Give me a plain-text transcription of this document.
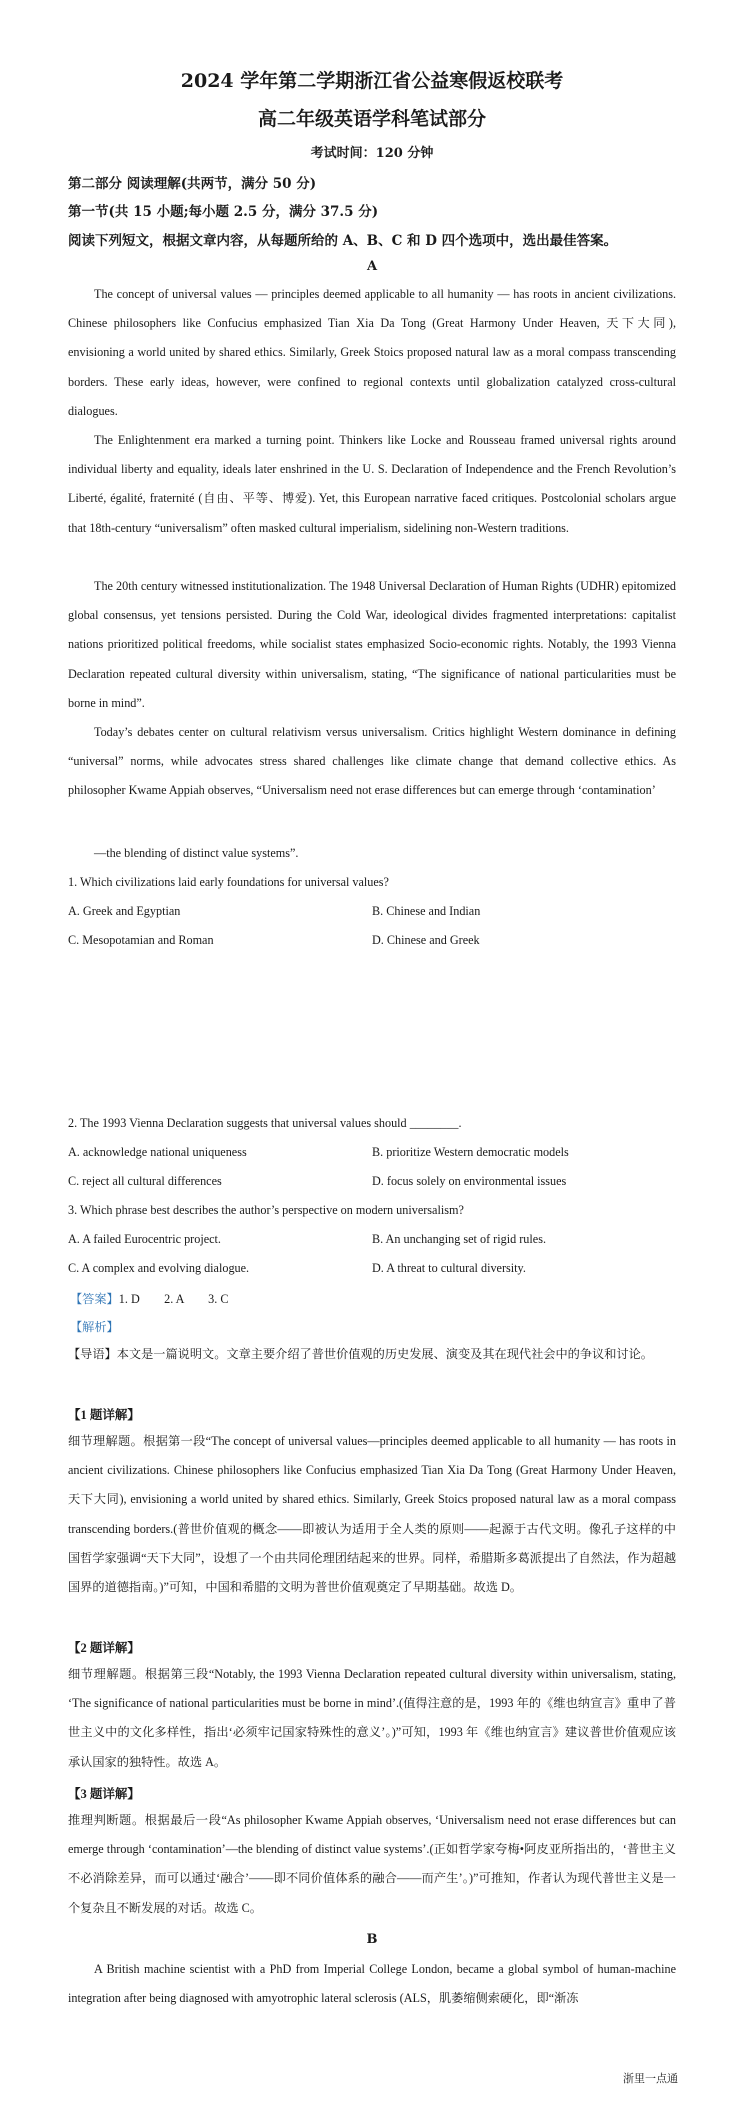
2024 学年第二学期浙江省公益寒假返校联考
高二年级英语学科笔试部分
考试时间：120 分钟
第二部分 阅读理解(共两节，满分 50 分)
第一节(共 15 小题;每小题 2.5 分，满分 37.5 分)
阅读下列短文，根据文章内容，从每题所给的 A、B、C 和 D 四个选项中，选出最佳答案。
A

The concept of universal values — principles deemed applicable to all humanity — has roots in ancient civilizations. Chinese philosophers like Confucius emphasized Tian Xia Da Tong (Great Harmony Under Heaven, 天下大同), envisioning a world united by shared ethics. Similarly, Greek Stoics proposed natural law as a moral compass transcending borders. These early ideas, however, were confined to regional contexts until globalization catalyzed cross-cultural dialogues.

The Enlightenment era marked a turning point. Thinkers like Locke and Rousseau framed universal rights around individual liberty and equality, ideals later enshrined in the U. S. Declaration of Independence and the French Revolution’s Liberté, égalité, fraternité (自由、平等、博爱). Yet, this European narrative faced critiques. Postcolonial scholars argue that 18th-century “universalism” often masked cultural imperialism, sidelining non-Western traditions.

The 20th century witnessed institutionalization. The 1948 Universal Declaration of Human Rights (UDHR) epitomized global consensus, yet tensions persisted. During the Cold War, ideological divides fragmented interpretations: capitalist nations prioritized political freedoms, while socialist states emphasized Socio-economic rights. Notably, the 1993 Vienna Declaration repeated cultural diversity within universalism, stating, “The significance of national particularities must be borne in mind”.

Today’s debates center on cultural relativism versus universalism. Critics highlight Western dominance in defining “universal” norms, while advocates stress shared challenges like climate change that demand collective ethics. As philosopher Kwame Appiah observes, “Universalism need not erase differences but can emerge through ‘contamination’

—the blending of distinct value systems”.
1. Which civilizations laid early foundations for universal values?
A. Greek and Egyptian	B. Chinese and Indian
C. Mesopotamian and Roman	D. Chinese and Greek
2. The 1993 Vienna Declaration suggests that universal values should ________.
A. acknowledge national uniqueness	B. prioritize Western democratic models
C. reject all cultural differences	D. focus solely on environmental issues
3. Which phrase best describes the author’s perspective on modern universalism?
A. A failed Eurocentric project.	B. An unchanging set of rigid rules.
C. A complex and evolving dialogue.	D. A threat to cultural diversity.
【答案】1. D　　2. A　　3. C
【解析】

【导语】本文是一篇说明文。文章主要介绍了普世价值观的历史发展、演变及其在现代社会中的争议和讨论。

【1 题详解】

细节理解题。根据第一段“The concept of universal values—principles deemed applicable to all humanity — has roots in ancient civilizations. Chinese philosophers like Confucius emphasized Tian Xia Da Tong (Great Harmony Under Heaven, 天下大同), envisioning a world united by shared ethics. Similarly, Greek Stoics proposed natural law as a moral compass transcending borders.(普世价值观的概念——即被认为适用于全人类的原则——起源于古代文明。像孔子这样的中国哲学家强调“天下大同”，设想了一个由共同伦理团结起来的世界。同样，希腊斯多葛派提出了自然法，作为超越国界的道德指南。)”可知，中国和希腊的文明为普世价值观奠定了早期基础。故选 D。

【2 题详解】

细节理解题。根据第三段“Notably, the 1993 Vienna Declaration repeated cultural diversity within universalism, stating, ‘The significance of national particularities must be borne in mind’.(值得注意的是，1993 年的《维也纳宣言》重申了普世主义中的文化多样性，指出‘必须牢记国家特殊性的意义’。)”可知，1993 年《维也纳宣言》建议普世价值观应该承认国家的独特性。故选 A。

【3 题详解】

推理判断题。根据最后一段“As philosopher Kwame Appiah observes, ‘Universalism need not erase differences but can emerge through ‘contamination’—the blending of distinct value systems’.(正如哲学家夸梅•阿皮亚所指出的，‘普世主义不必消除差异，而可以通过‘融合’——即不同价值体系的融合——而产生’。)”可推知，作者认为现代普世主义是一个复杂且不断发展的对话。故选 C。

B

A British machine scientist with a PhD from Imperial College London, became a global symbol of human-machine integration after being diagnosed with amyotrophic lateral sclerosis (ALS，肌萎缩侧索硬化，即“渐冻

浙里一点通
